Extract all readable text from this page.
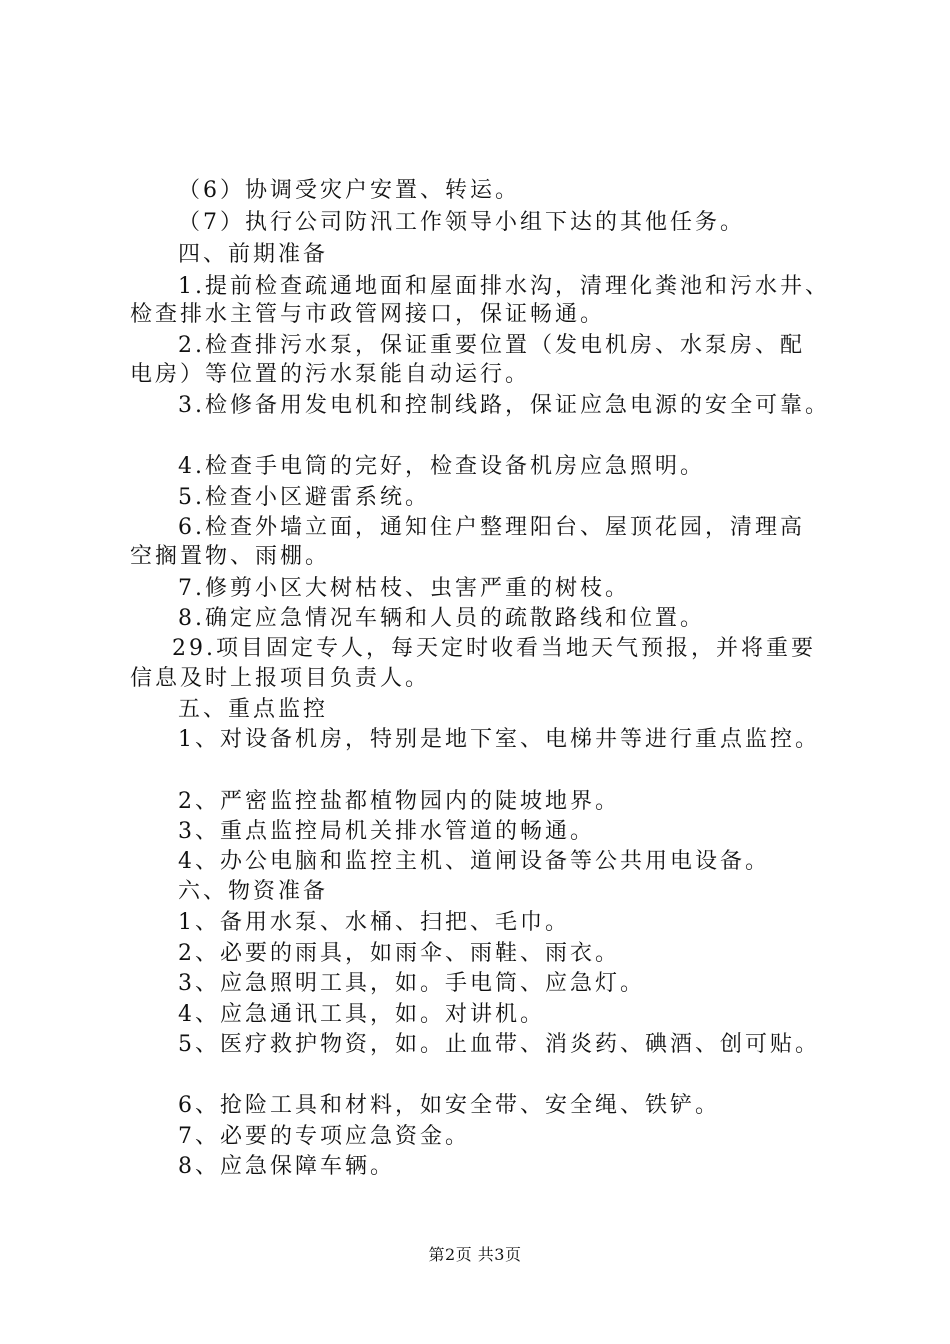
（6）协调受灾户安置、转运。
（7）执行公司防汛工作领导小组下达的其他任务。
四、前期准备
1.提前检查疏通地面和屋面排水沟，清理化粪池和污水井、
检查排水主管与市政管网接口，保证畅通。
2.检查排污水泵，保证重要位置（发电机房、水泵房、配
电房）等位置的污水泵能自动运行。
3.检修备用发电机和控制线路，保证应急电源的安全可靠。
4.检查手电筒的完好，检查设备机房应急照明。
5.检查小区避雷系统。
6.检查外墙立面，通知住户整理阳台、屋顶花园，清理高
空搁置物、雨棚。
7.修剪小区大树枯枝、虫害严重的树枝。
8.确定应急情况车辆和人员的疏散路线和位置。
29.项目固定专人，每天定时收看当地天气预报，并将重要
信息及时上报项目负责人。
五、重点监控
1、对设备机房，特别是地下室、电梯井等进行重点监控。
2、严密监控盐都植物园内的陡坡地界。
3、重点监控局机关排水管道的畅通。
4、办公电脑和监控主机、道闸设备等公共用电设备。
六、物资准备
1、备用水泵、水桶、扫把、毛巾。
2、必要的雨具，如雨伞、雨鞋、雨衣。
3、应急照明工具，如。手电筒、应急灯。
4、应急通讯工具，如。对讲机。
5、医疗救护物资，如。止血带、消炎药、碘酒、创可贴。
6、抢险工具和材料，如安全带、安全绳、铁铲。
7、必要的专项应急资金。
8、应急保障车辆。
第2页 共3页
